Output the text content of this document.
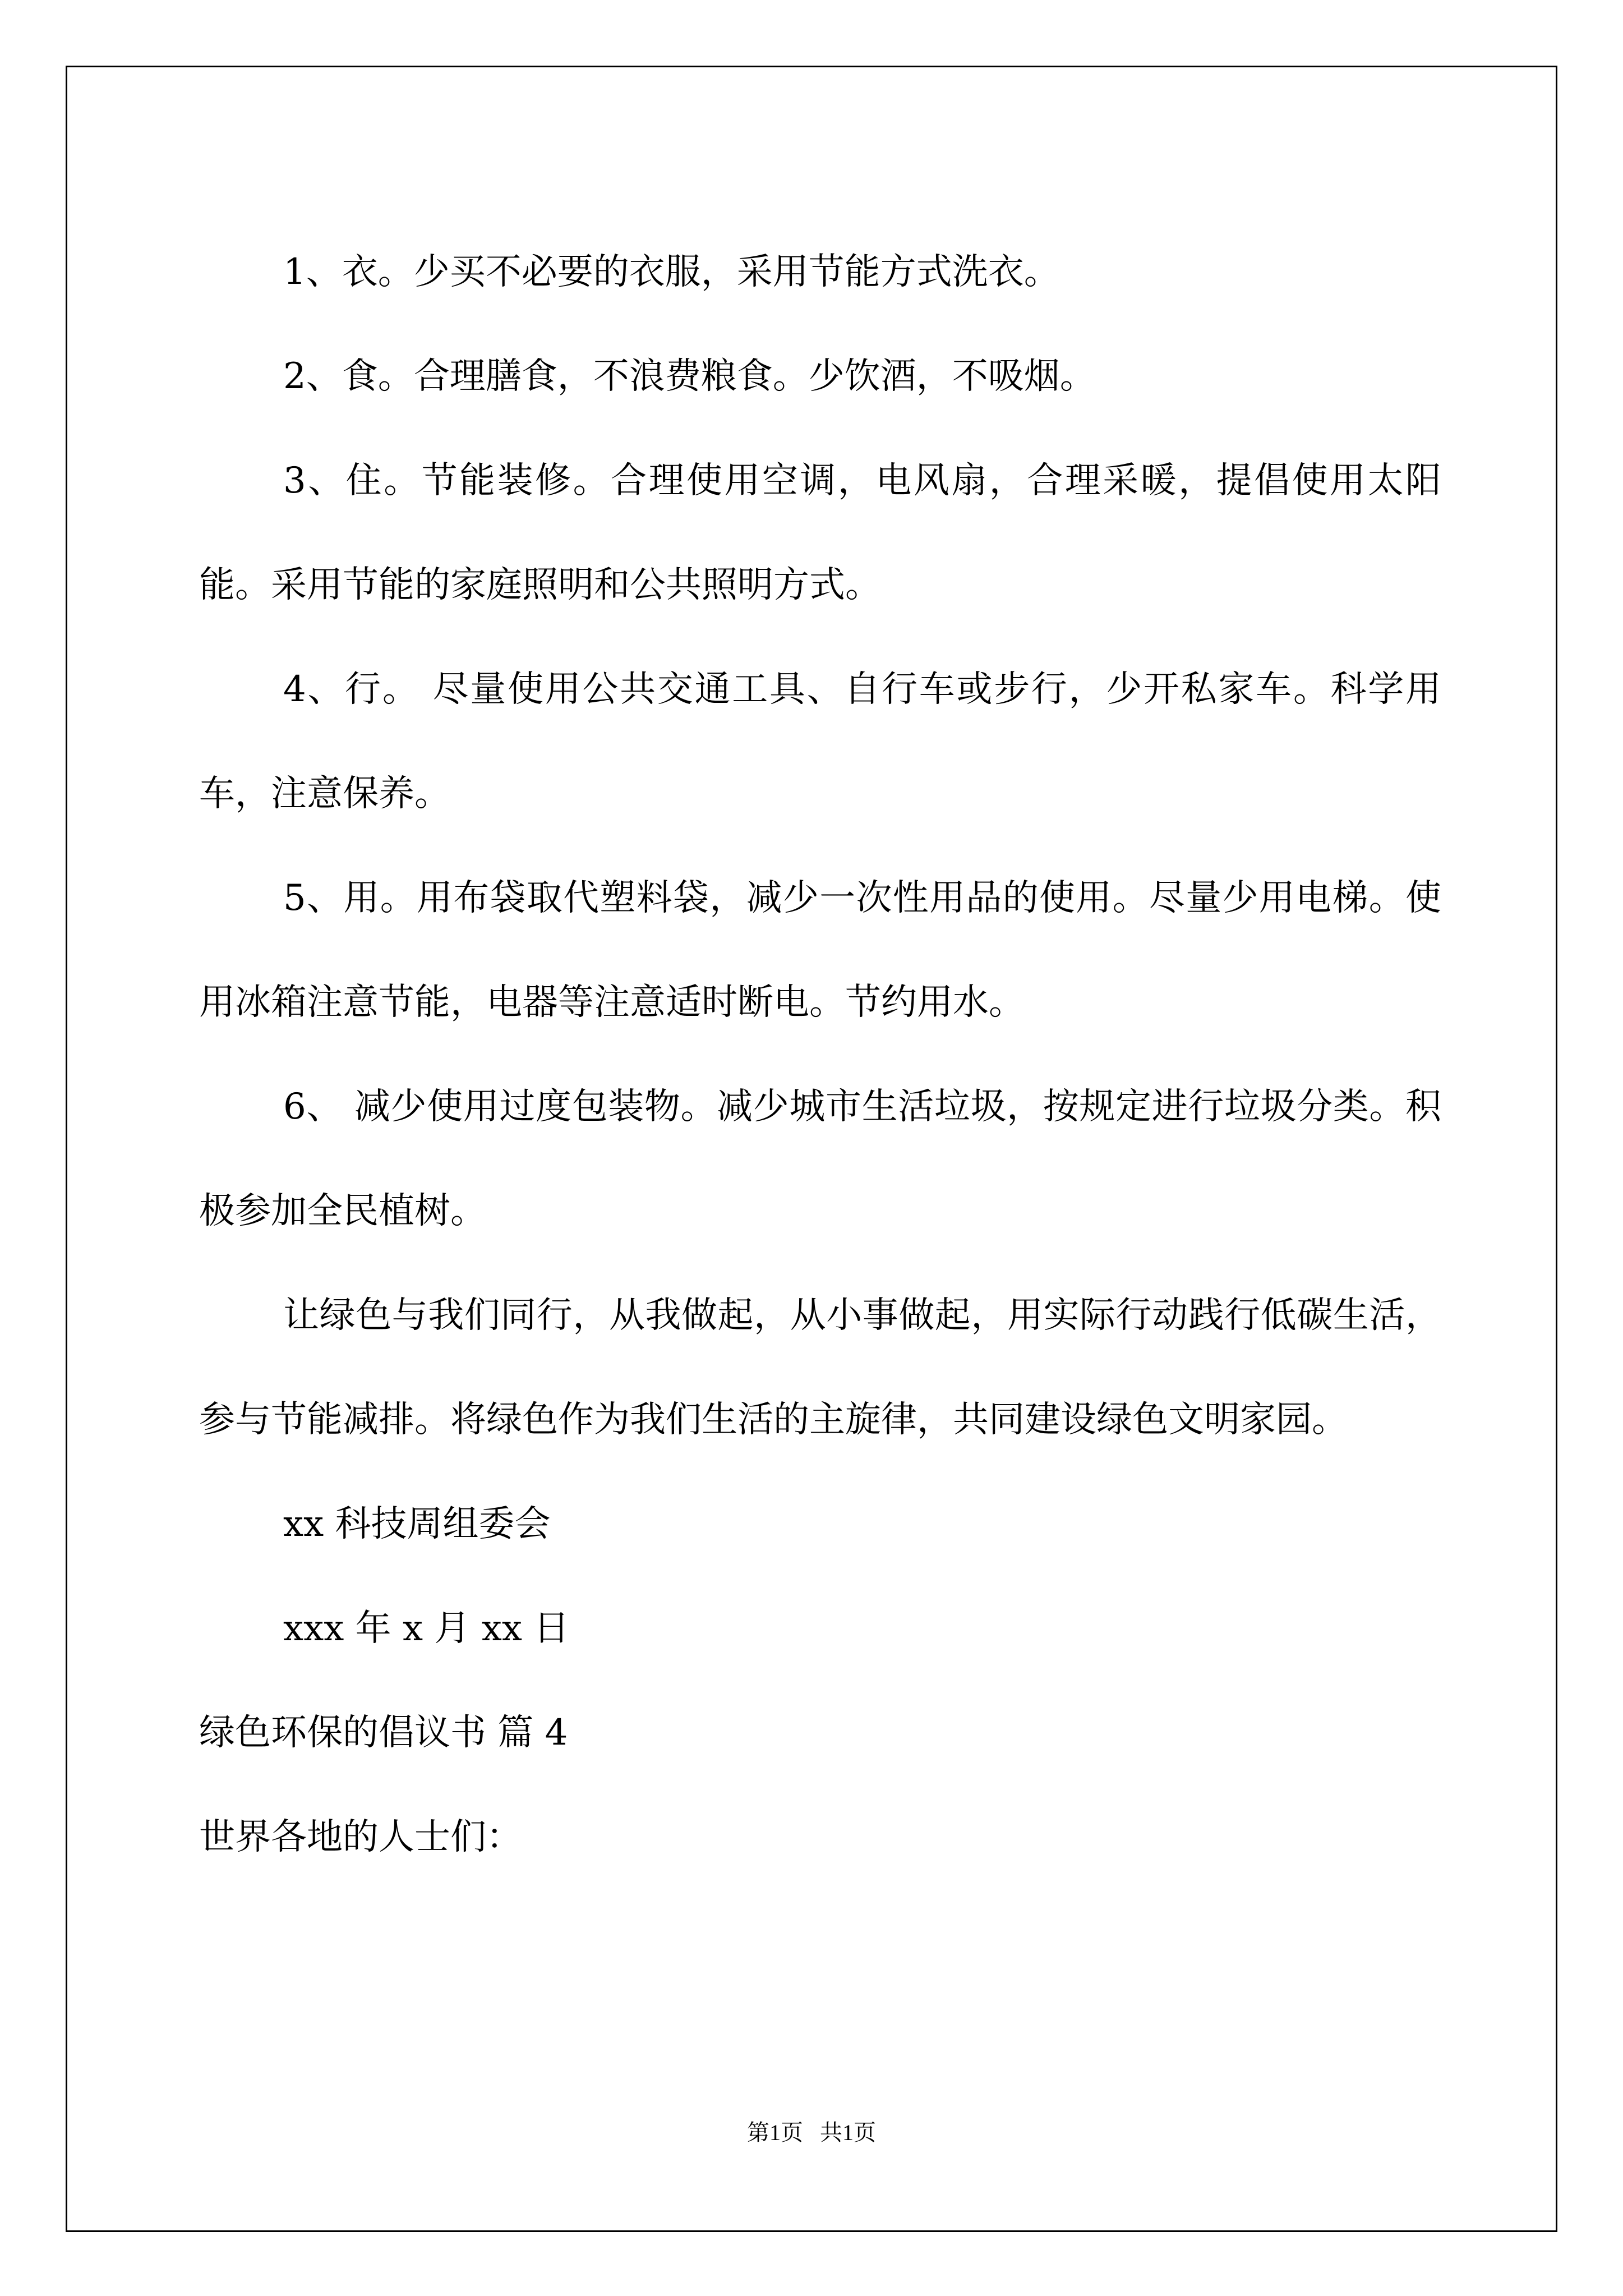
1、衣。少买不必要的衣服，采用节能方式洗衣。

2、食。合理膳食，不浪费粮食。少饮酒，不吸烟。

3、住。节能装修。合理使用空调，电风扇，合理采暖，提倡使用太阳能。采用节能的家庭照明和公共照明方式。

4、行。 尽量使用公共交通工具、自行车或步行，少开私家车。科学用车，注意保养。

5、用。用布袋取代塑料袋，减少一次性用品的使用。尽量少用电梯。使用冰箱注意节能，电器等注意适时断电。节约用水。

6、 减少使用过度包装物。减少城市生活垃圾，按规定进行垃圾分类。积极参加全民植树。

让绿色与我们同行，从我做起，从小事做起，用实际行动践行低碳生活，参与节能减排。将绿色作为我们生活的主旋律，共同建设绿色文明家园。

xx 科技周组委会

xxx 年 x 月 xx 日

绿色环保的倡议书 篇 4

世界各地的人士们：

第1页   共1页
